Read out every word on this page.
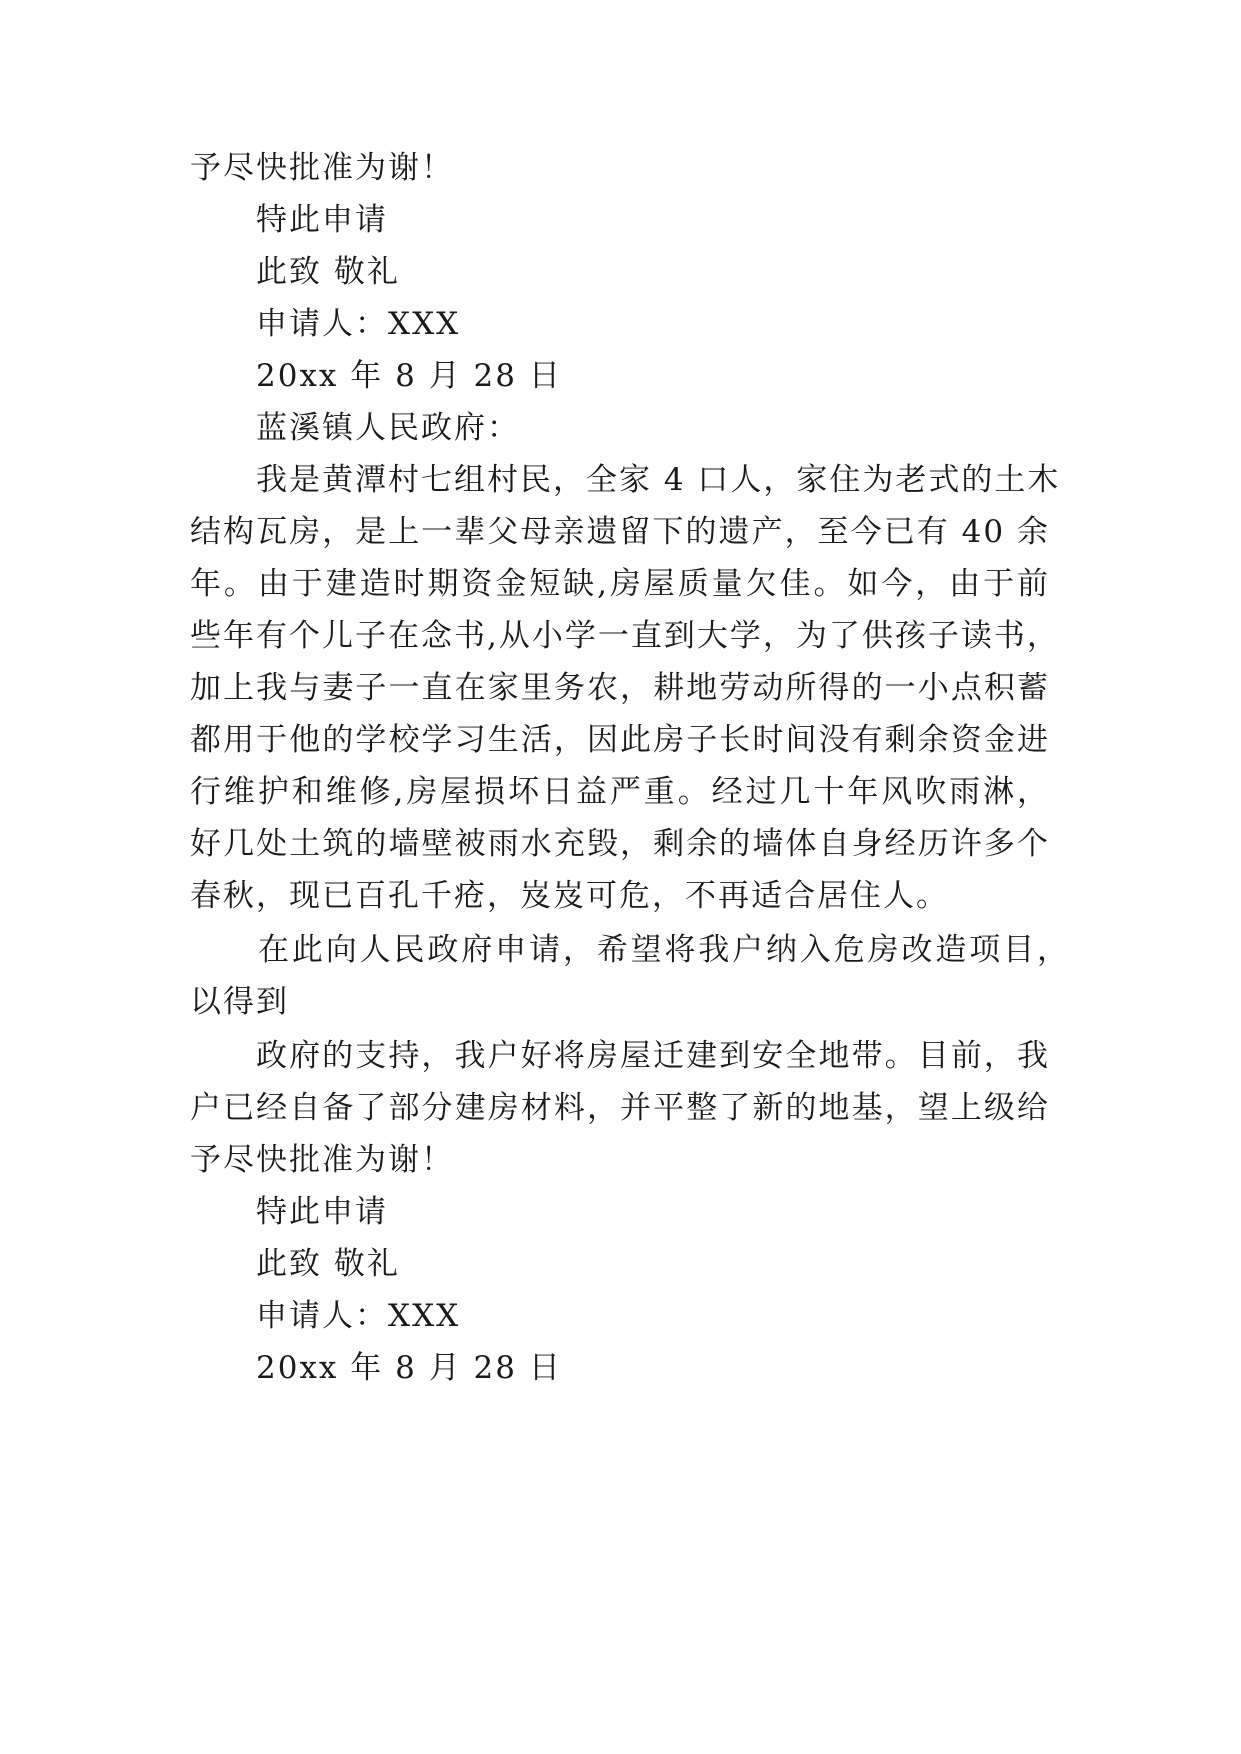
予尽快批准为谢！
特此申请
此致 敬礼
申请人：XXX
20xx 年 8 月 28 日
蓝溪镇人民政府：
我是黄潭村七组村民，全家 4 口人，家住为老式的土木
结构瓦房，是上一辈父母亲遗留下的遗产，至今已有 40 余
年。由于建造时期资金短缺,房屋质量欠佳。如今，由于前
些年有个儿子在念书,从小学一直到大学，为了供孩子读书，
加上我与妻子一直在家里务农，耕地劳动所得的一小点积蓄
都用于他的学校学习生活，因此房子长时间没有剩余资金进
行维护和维修,房屋损坏日益严重。经过几十年风吹雨淋，
好几处土筑的墙壁被雨水充毁，剩余的墙体自身经历许多个
春秋，现已百孔千疮，岌岌可危，不再适合居住人。
在此向人民政府申请，希望将我户纳入危房改造项目，
以得到
政府的支持，我户好将房屋迁建到安全地带。目前，我
户已经自备了部分建房材料，并平整了新的地基，望上级给
予尽快批准为谢！
特此申请
此致 敬礼
申请人：XXX
20xx 年 8 月 28 日
